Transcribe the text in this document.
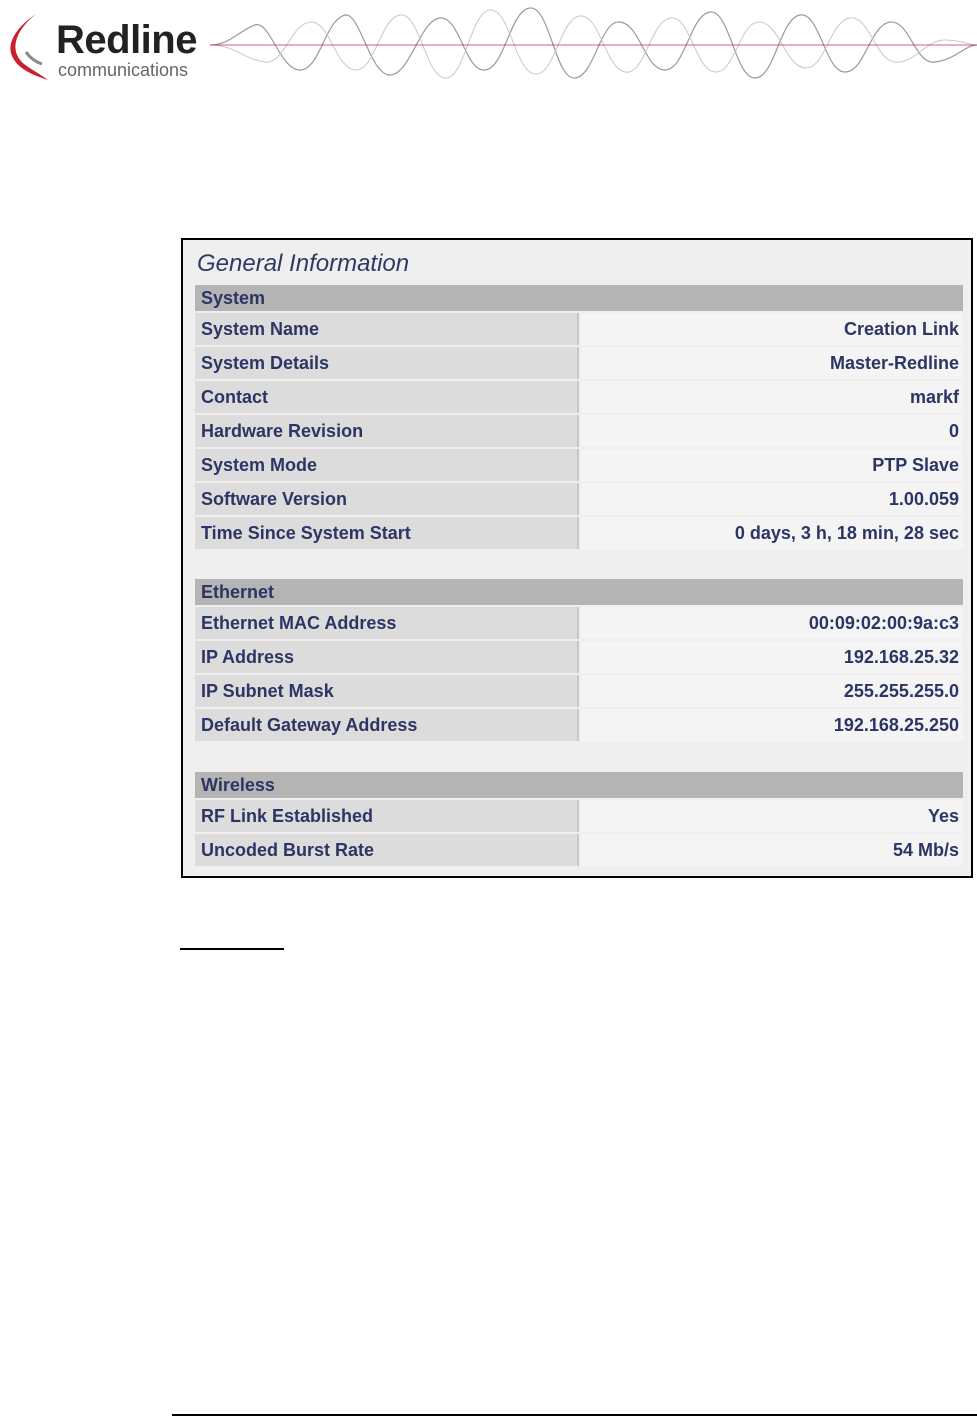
Redline
communications
General Information
System
System Name	Creation Link
System Details	Master-Redline
Contact	markf
Hardware Revision	0
System Mode	PTP Slave
Software Version	1.00.059
Time Since System Start	0 days, 3 h, 18 min, 28 sec
Ethernet
Ethernet MAC Address	00:09:02:00:9a:c3
IP Address	192.168.25.32
IP Subnet Mask	255.255.255.0
Default Gateway Address	192.168.25.250
Wireless
RF Link Established	Yes
Uncoded Burst Rate	54 Mb/s
